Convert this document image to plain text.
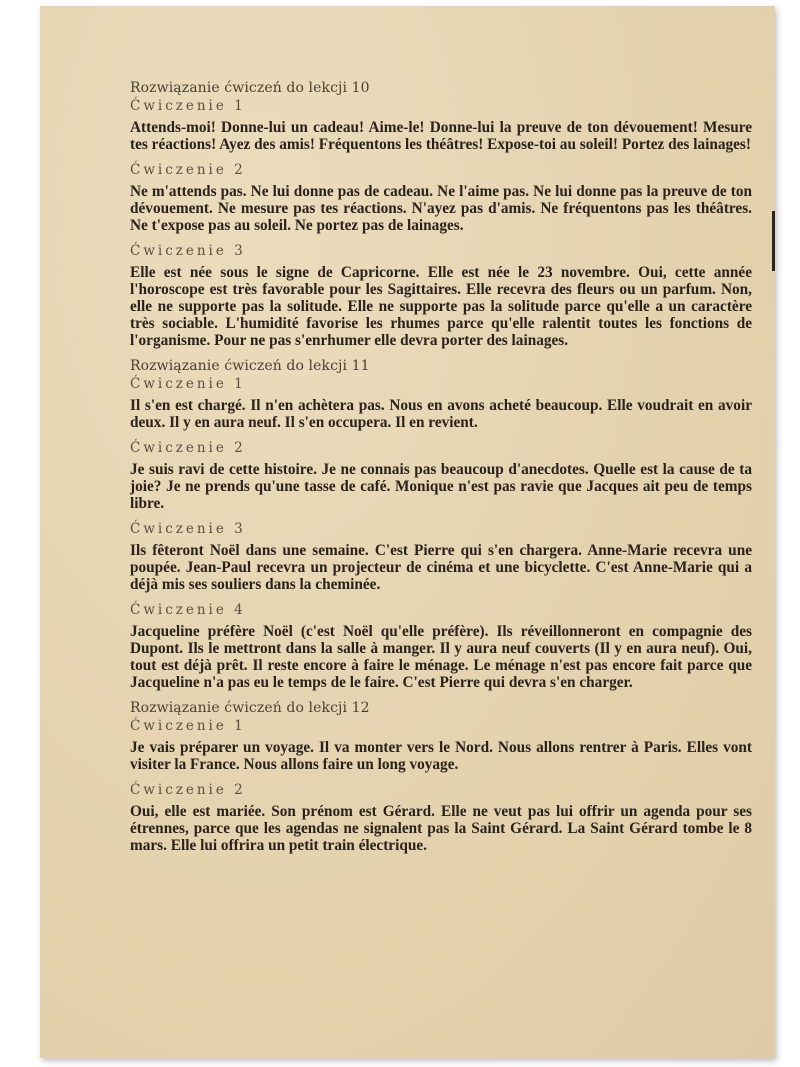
Rozwiązanie ćwiczeń do lekcji 10
Ćwiczenie 1
Attends-moi! Donne-lui un cadeau! Aime-le! Donne-lui la preuve de ton dévouement! Mesure tes réactions! Ayez des amis! Fréquentons les théâtres! Expose-toi au soleil! Portez des lainages!
Ćwiczenie 2
Ne m'attends pas. Ne lui donne pas de cadeau. Ne l'aime pas. Ne lui donne pas la preuve de ton dévouement. Ne mesure pas tes réactions. N'ayez pas d'amis. Ne fréquentons pas les théâtres. Ne t'expose pas au soleil. Ne portez pas de lainages.
Ćwiczenie 3
Elle est née sous le signe de Capricorne. Elle est née le 23 novembre. Oui, cette année l'horoscope est très favorable pour les Sagittaires. Elle recevra des fleurs ou un parfum. Non, elle ne supporte pas la solitude. Elle ne supporte pas la solitude parce qu'elle a un caractère très sociable. L'humidité favorise les rhumes parce qu'elle ralentit toutes les fonctions de l'organisme. Pour ne pas s'enrhumer elle devra porter des lainages.
Rozwiązanie ćwiczeń do lekcji 11
Ćwiczenie 1
Il s'en est chargé. Il n'en achètera pas. Nous en avons acheté beaucoup. Elle voudrait en avoir deux. Il y en aura neuf. Il s'en occupera. Il en revient.
Ćwiczenie 2
Je suis ravi de cette histoire. Je ne connais pas beaucoup d'anecdotes. Quelle est la cause de ta joie? Je ne prends qu'une tasse de café. Monique n'est pas ravie que Jacques ait peu de temps libre.
Ćwiczenie 3
Ils fêteront Noël dans une semaine. C'est Pierre qui s'en chargera. Anne-Marie recevra une poupée. Jean-Paul recevra un projecteur de cinéma et une bicyclette. C'est Anne-Marie qui a déjà mis ses souliers dans la cheminée.
Ćwiczenie 4
Jacqueline préfère Noël (c'est Noël qu'elle préfère). Ils réveillonneront en compagnie des Dupont. Ils le mettront dans la salle à manger. Il y aura neuf couverts (Il y en aura neuf). Oui, tout est déjà prêt. Il reste encore à faire le ménage. Le ménage n'est pas encore fait parce que Jacqueline n'a pas eu le temps de le faire. C'est Pierre qui devra s'en charger.
Rozwiązanie ćwiczeń do lekcji 12
Ćwiczenie 1
Je vais préparer un voyage. Il va monter vers le Nord. Nous allons rentrer à Paris. Elles vont visiter la France. Nous allons faire un long voyage.
Ćwiczenie 2
Oui, elle est mariée. Son prénom est Gérard. Elle ne veut pas lui offrir un agenda pour ses étrennes, parce que les agendas ne signalent pas la Saint Gérard. La Saint Gérard tombe le 8 mars. Elle lui offrira un petit train électrique.
